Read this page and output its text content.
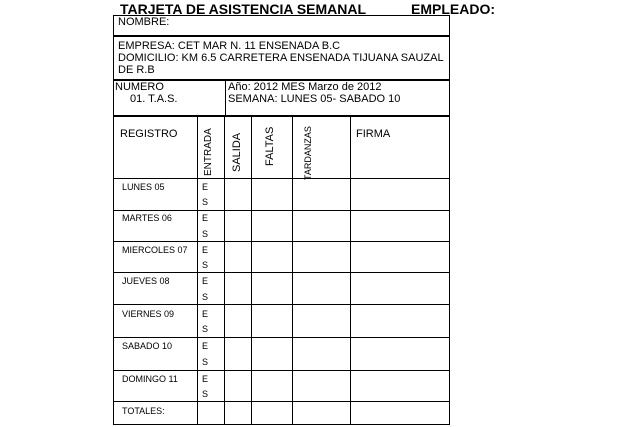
TARJETA DE ASISTENCIA SEMANAL	EMPLEADO:
NOMBRE:
EMPRESA: CET MAR N. 11 ENSENADA B.C
DOMICILIO: KM 6.5 CARRETERA ENSENADA TIJUANA SAUZAL
DE R.B
NUMERO
01. T.A.S.
Año: 2012 MES Marzo de 2012
SEMANA: LUNES 05- SABADO 10
REGISTRO	ENTRADA SALIDA FALTAS	TARDANZAS	FIRMA
LUNES 05	E
S
MARTES 06	E
S
MIERCOLES 07 E
S
JUEVES 08	E
S
VIERNES 09	E
S
SABADO 10	E
S
DOMINGO 11	E
S
TOTALES:
